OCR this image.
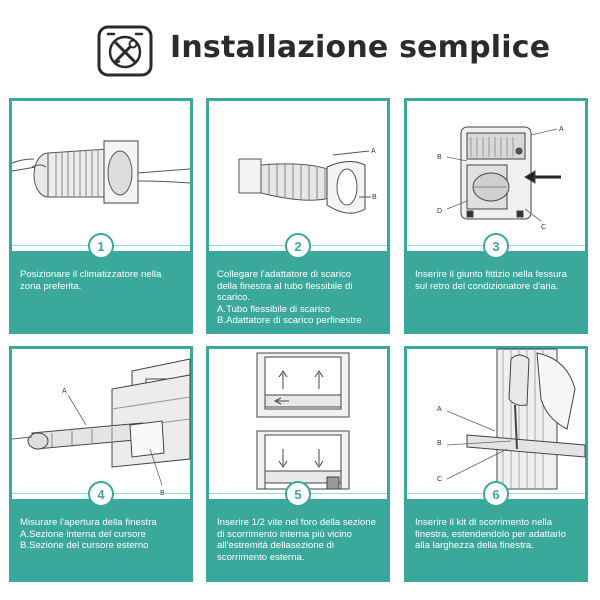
Installazione semplice
Posizionare il climatizzatore nella
zona preferita.
1
A
B
Collegare l'adattatore di scarico
della finestra al tubo flessibile di
scarico.
A.Tubo flessibile di scarico
B.Adattatore di scarico perfinestre
2
A
B
D
C
Inserire il giunto fittizio nella fessura
sul retro del condizionatore d'aria.
3
A
Misurare l'apertura della finestra
A.Sezione interna del cursore
B.Sezione del cursore esterno
4
Inserire 1/2 vite nel foro della sezione
di scorrimento interna più vicino
all'estremità dellasezione di
scorrimento esterna.
5
A
B
C
Inserire il kit di scorrimento nella
finestra, estendendolo per adattarlo
alla larghezza della finestra.
6
